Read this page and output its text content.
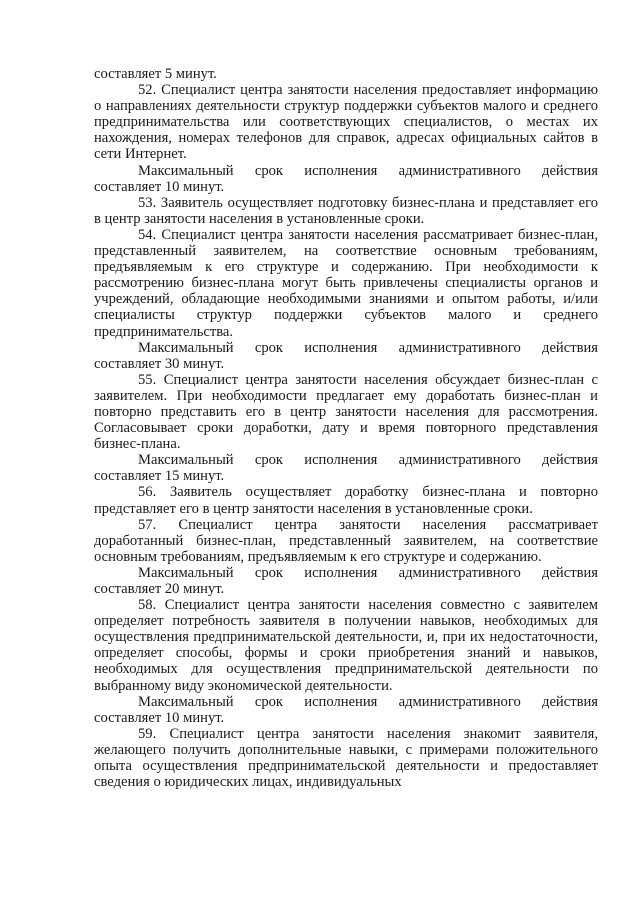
составляет 5 минут.

52. Специалист центра занятости населения предоставляет информацию о направлениях деятельности структур поддержки субъектов малого и среднего предпринимательства или соответствующих специалистов, о местах их нахождения, номерах телефонов для справок, адресах официальных сайтов в сети Интернет.

Максимальный срок исполнения административного действия составляет 10 минут.

53. Заявитель осуществляет подготовку бизнес-плана и представляет его в центр занятости населения в установленные сроки.

54. Специалист центра занятости населения рассматривает бизнес-план, представленный заявителем, на соответствие основным требованиям, предъявляемым к его структуре и содержанию. При необходимости к рассмотрению бизнес-плана могут быть привлечены специалисты органов и учреждений, обладающие необходимыми знаниями и опытом работы, и/или специалисты структур поддержки субъектов малого и среднего предпринимательства.

Максимальный срок исполнения административного действия составляет 30 минут.

55. Специалист центра занятости населения обсуждает бизнес-план с заявителем. При необходимости предлагает ему доработать бизнес-план и повторно представить его в центр занятости населения для рассмотрения. Согласовывает сроки доработки, дату и время повторного представления бизнес-плана.

Максимальный срок исполнения административного действия составляет 15 минут.

56. Заявитель осуществляет доработку бизнес-плана и повторно представляет его в центр занятости населения в установленные сроки.

57. Специалист центра занятости населения рассматривает доработанный бизнес-план, представленный заявителем, на соответствие основным требованиям, предъявляемым к его структуре и содержанию.

Максимальный срок исполнения административного действия составляет 20 минут.

58. Специалист центра занятости населения совместно с заявителем определяет потребность заявителя в получении навыков, необходимых для осуществления предпринимательской деятельности, и, при их недостаточности, определяет способы, формы и сроки приобретения знаний и навыков, необходимых для осуществления предпринимательской деятельности по выбранному виду экономической деятельности.

Максимальный срок исполнения административного действия составляет 10 минут.

59. Специалист центра занятости населения знакомит заявителя, желающего получить дополнительные навыки, с примерами положительного опыта осуществления предпринимательской деятельности и предоставляет сведения о юридических лицах, индивидуальных
